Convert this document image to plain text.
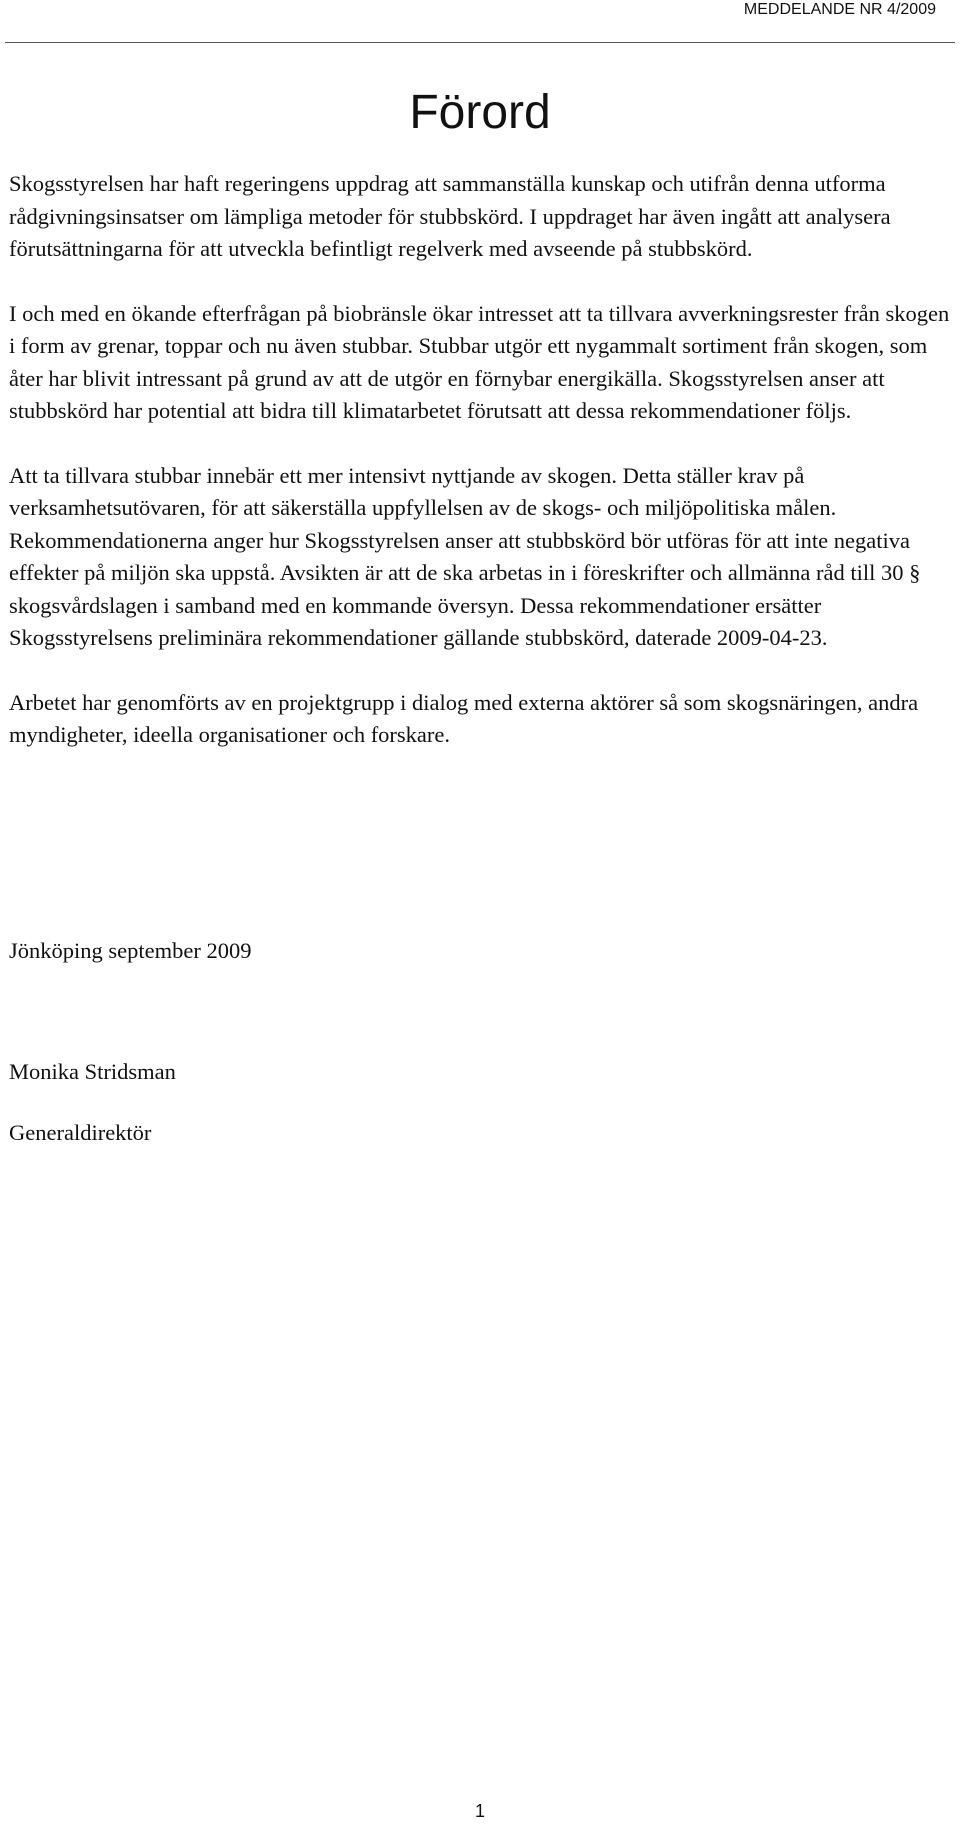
MEDDELANDE NR 4/2009
Förord

Skogsstyrelsen har haft regeringens uppdrag att sammanställa kunskap och utifrån denna utforma rådgivningsinsatser om lämpliga metoder för stubbskörd. I uppdraget har även ingått att analysera förutsättningarna för att utveckla befintligt regelverk med avseende på stubbskörd.

I och med en ökande efterfrågan på biobränsle ökar intresset att ta tillvara avverkningsrester från skogen i form av grenar, toppar och nu även stubbar. Stubbar utgör ett nygammalt sortiment från skogen, som åter har blivit intressant på grund av att de utgör en förnybar energikälla. Skogsstyrelsen anser att stubbskörd har potential att bidra till klimatarbetet förutsatt att dessa rekommendationer följs.

Att ta tillvara stubbar innebär ett mer intensivt nyttjande av skogen. Detta ställer krav på verksamhetsutövaren, för att säkerställa uppfyllelsen av de skogs- och miljöpolitiska målen. Rekommendationerna anger hur Skogsstyrelsen anser att stubbskörd bör utföras för att inte negativa effekter på miljön ska uppstå. Avsikten är att de ska arbetas in i föreskrifter och allmänna råd till 30 § skogsvårdslagen i samband med en kommande översyn. Dessa rekommendationer ersätter Skogsstyrelsens preliminära rekommendationer gällande stubbskörd, daterade 2009-04-23.

Arbetet har genomförts av en projektgrupp i dialog med externa aktörer så som skogsnäringen, andra myndigheter, ideella organisationer och forskare.

Jönköping september 2009

Monika Stridsman

Generaldirektör

1
